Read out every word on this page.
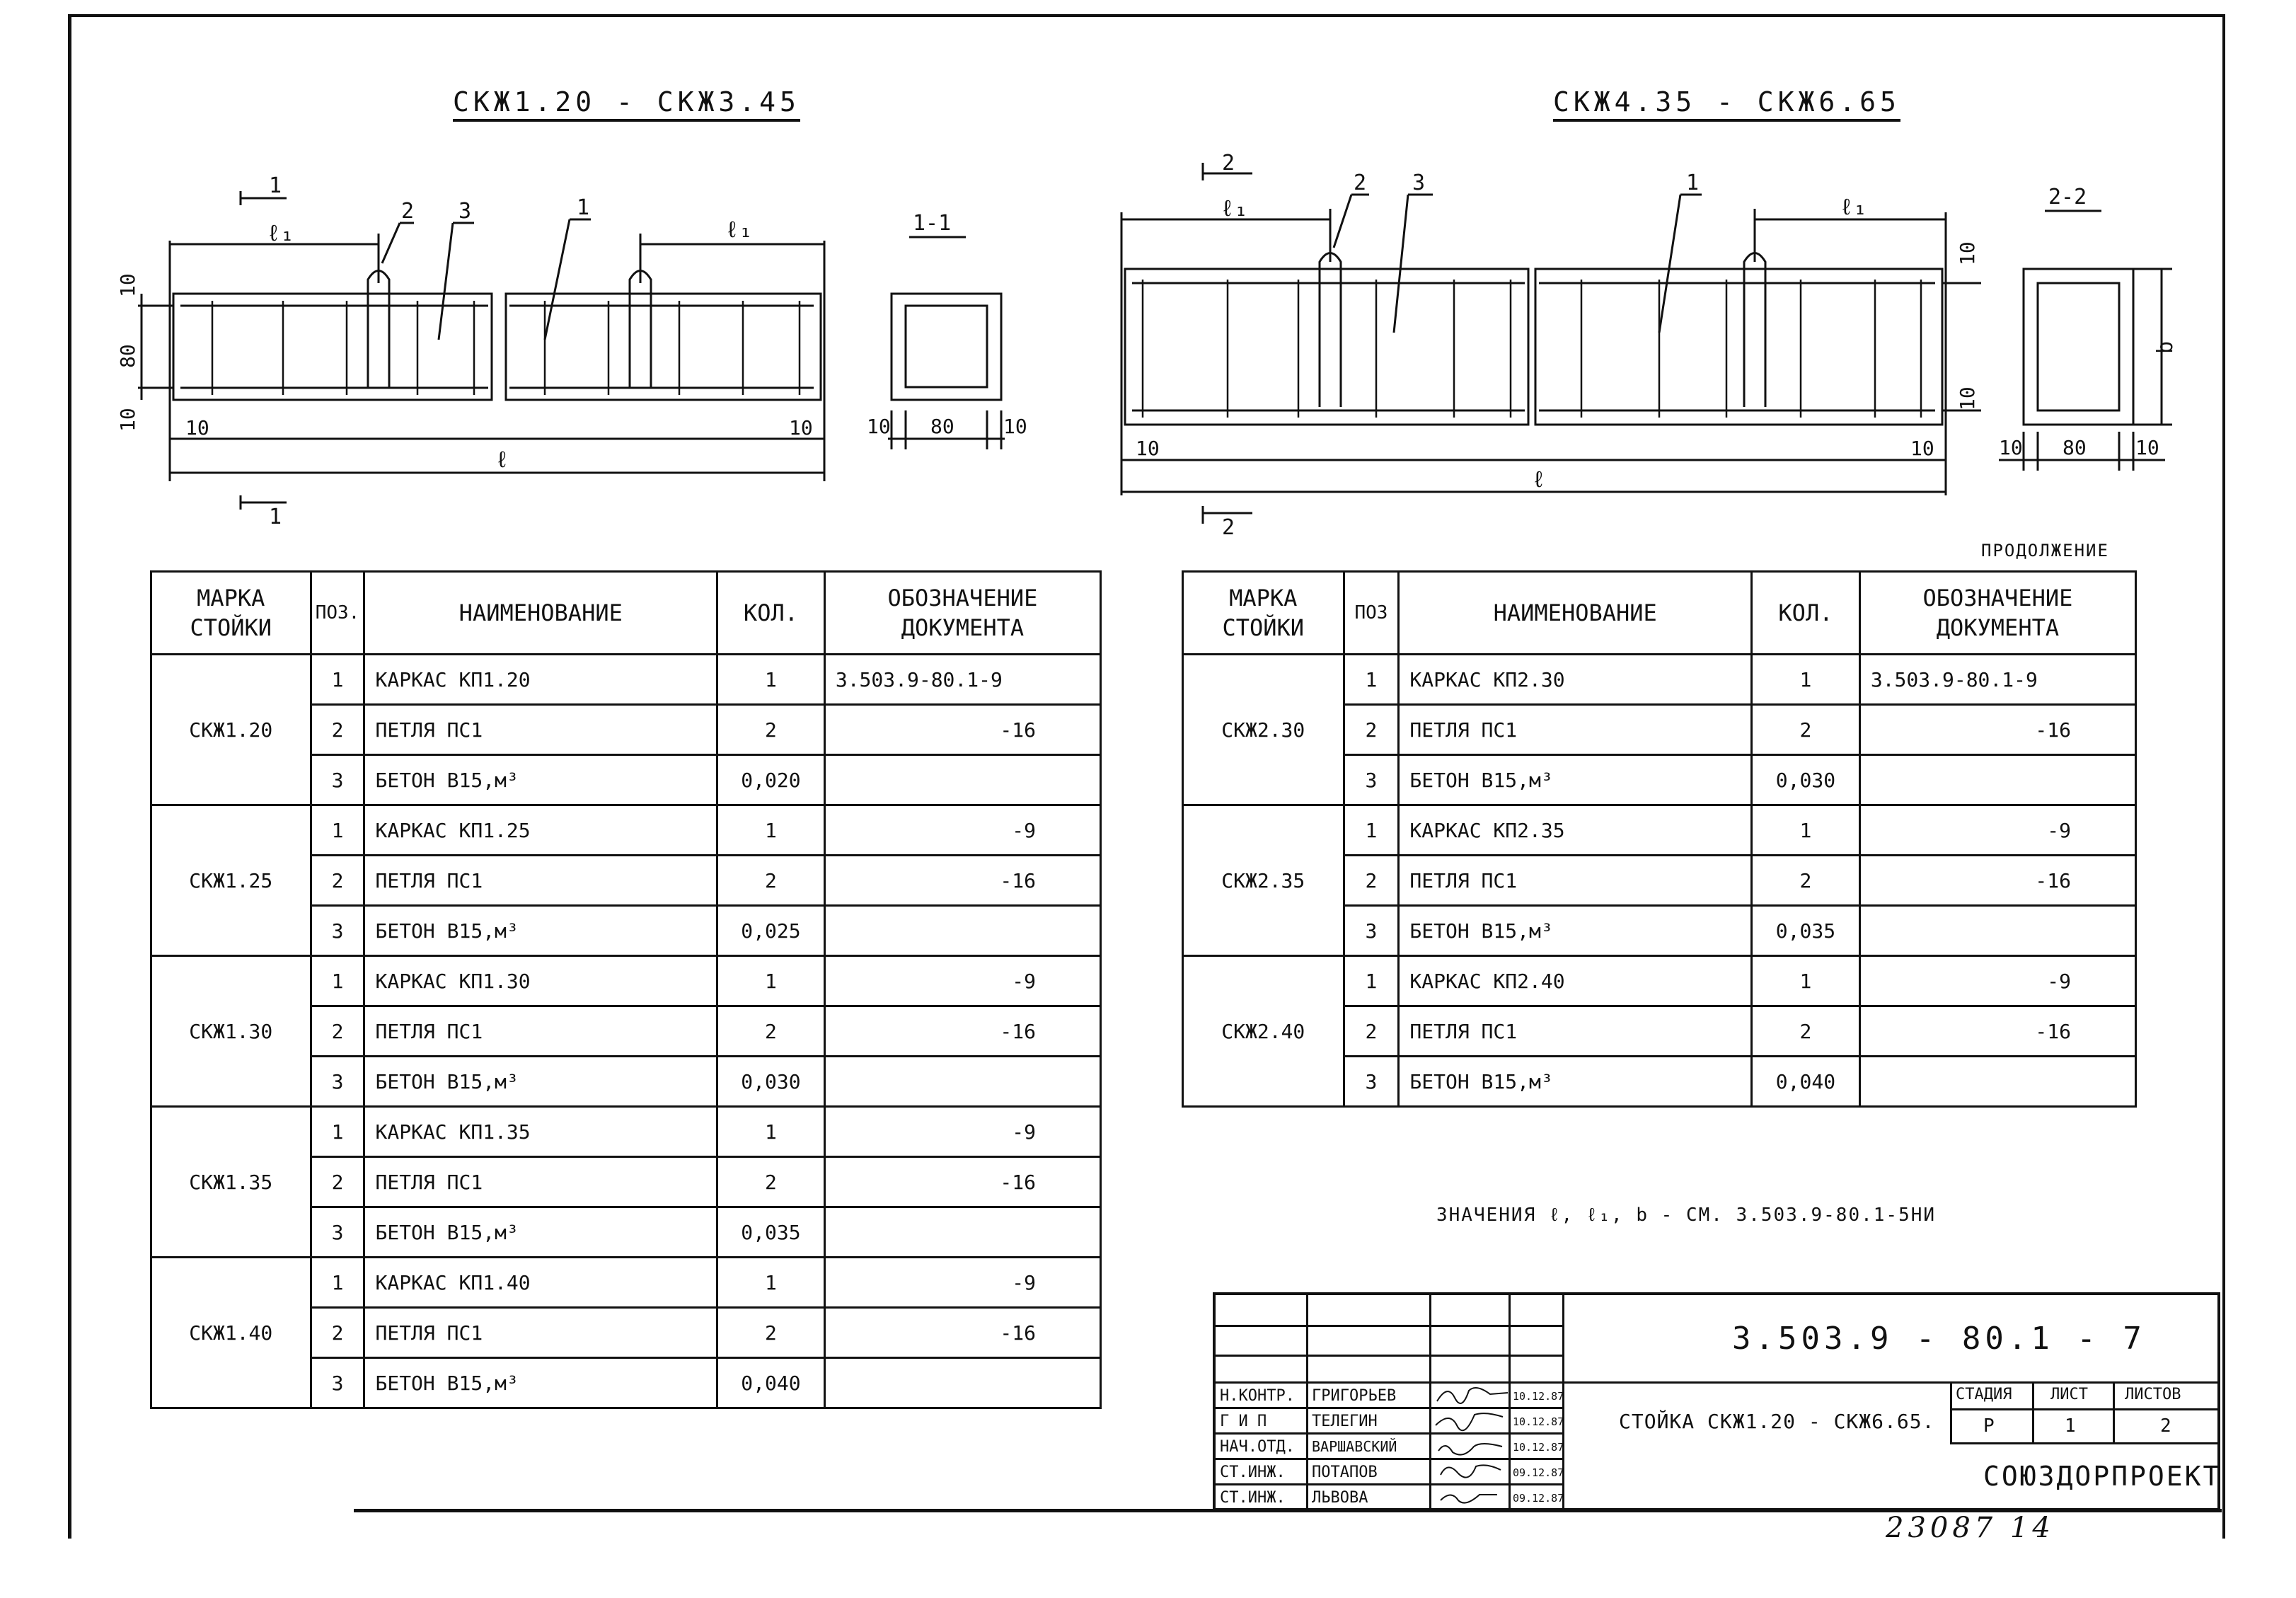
СКЖ1.20 - СКЖ3.45	СКЖ4.35 - СКЖ6.65
1
1
ℓ₁	ℓ₁
10
80
10 10	10
ℓ
2 3	1
1-1
10 80 10
2
2
ℓ₁	ℓ₁
10
10
10	10
ℓ
2 3	1
2-2
b
10 80 10
МАРКА СТОЙКИ	ПОЗ.	НАИМЕНОВАНИЕ	КОЛ.	ОБОЗНАЧЕНИЕ ДОКУМЕНТА
СКЖ1.20	1	КАРКАС КП1.20	1	3.503.9-80.1-9
	2	ПЕТЛЯ ПС1	2	-16
	3	БЕТОН В15,м³	0,020	
СКЖ1.25	1	КАРКАС КП1.25	1	-9
	2	ПЕТЛЯ ПС1	2	-16
	3	БЕТОН В15,м³	0,025	
СКЖ1.30	1	КАРКАС КП1.30	1	-9
	2	ПЕТЛЯ ПС1	2	-16
	3	БЕТОН В15,м³	0,030	
СКЖ1.35	1	КАРКАС КП1.35	1	-9
	2	ПЕТЛЯ ПС1	2	-16
	3	БЕТОН В15,м³	0,035	
СКЖ1.40	1	КАРКАС КП1.40	1	-9
	2	ПЕТЛЯ ПС1	2	-16
	3	БЕТОН В15,м³	0,040	
ПРОДОЛЖЕНИЕ
МАРКА СТОЙКИ	ПОЗ	НАИМЕНОВАНИЕ	КОЛ.	ОБОЗНАЧЕНИЕ ДОКУМЕНТА
СКЖ2.30	1	КАРКАС КП2.30	1	3.503.9-80.1-9
	2	ПЕТЛЯ ПС1	2	-16
	3	БЕТОН В15,м³	0,030	
СКЖ2.35	1	КАРКАС КП2.35	1	-9
	2	ПЕТЛЯ ПС1	2	-16
	3	БЕТОН В15,м³	0,035	
СКЖ2.40	1	КАРКАС КП2.40	1	-9
	2	ПЕТЛЯ ПС1	2	-16
	3	БЕТОН В15,м³	0,040	
ЗНАЧЕНИЯ ℓ, ℓ₁, b - СМ. 3.503.9-80.1-5НИ
3.503.9 - 80.1 - 7
СТОЙКА СКЖ1.20 - СКЖ6.65.
СОЮЗДОРПРОЕКТ
СТАДИЯ ЛИСТ ЛИСТОВ
Р	1	2
Н.КОНТР. ГРИГОРЬЕВ	10.12.87
Г И П	ТЕЛЕГИН	10.12.87
НАЧ.ОТД. ВАРШАВСКИЙ	10.12.87
СТ.ИНЖ. ПОТАПОВ	09.12.87
СТ.ИНЖ. ЛЬВОВА	09.12.87
23087 14
